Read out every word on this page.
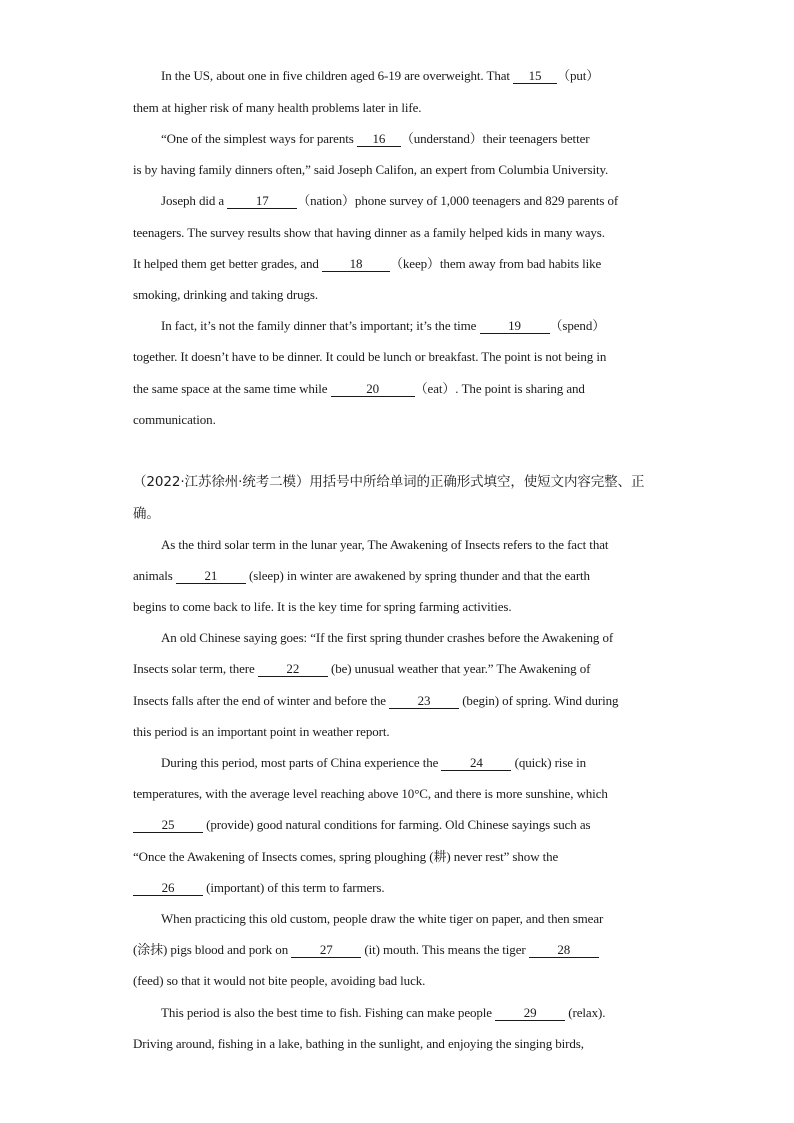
In the US, about one in five children aged 6-19 are overweight. That 15 （put）
them at higher risk of many health problems later in life.
“One of the simplest ways for parents 16 （understand）their teenagers better
is by having family dinners often,” said Joseph Califon, an expert from Columbia University.
Joseph did a 17 （nation）phone survey of 1,000 teenagers and 829 parents of
teenagers. The survey results show that having dinner as a family helped kids in many ways.
It helped them get better grades, and 18 （keep）them away from bad habits like
smoking, drinking and taking drugs.
In fact, it’s not the family dinner that’s important; it’s the time 19 （spend）
together. It doesn’t have to be dinner. It could be lunch or breakfast. The point is not being in
the same space at the same time while	20	（eat）. The point is sharing and
communication.
（2022·江苏徐州·统考二模）用括号中所给单词的正确形式填空，使短文内容完整、正
确。
As the third solar term in the lunar year, The Awakening of Insects refers to the fact that
animals 21 (sleep) in winter are awakened by spring thunder and that the earth
begins to come back to life. It is the key time for spring farming activities.
An old Chinese saying goes: “If the first spring thunder crashes before the Awakening of
Insects solar term, there 22 (be) unusual weather that year.” The Awakening of
Insects falls after the end of winter and before the 23 (begin) of spring. Wind during
this period is an important point in weather report.
During this period, most parts of China experience the 24 (quick) rise in
temperatures, with the average level reaching above 10°C, and there is more sunshine, which
25 (provide) good natural conditions for farming. Old Chinese sayings such as
“Once the Awakening of Insects comes, spring ploughing (耕) never rest” show the
26 (important) of this term to farmers.
When practicing this old custom, people draw the white tiger on paper, and then smear
(涂抹) pigs blood and pork on 27 (it) mouth. This means the tiger 28
(feed) so that it would not bite people, avoiding bad luck.
This period is also the best time to fish. Fishing can make people 29 (relax).
Driving around, fishing in a lake, bathing in the sunlight, and enjoying the singing birds,
